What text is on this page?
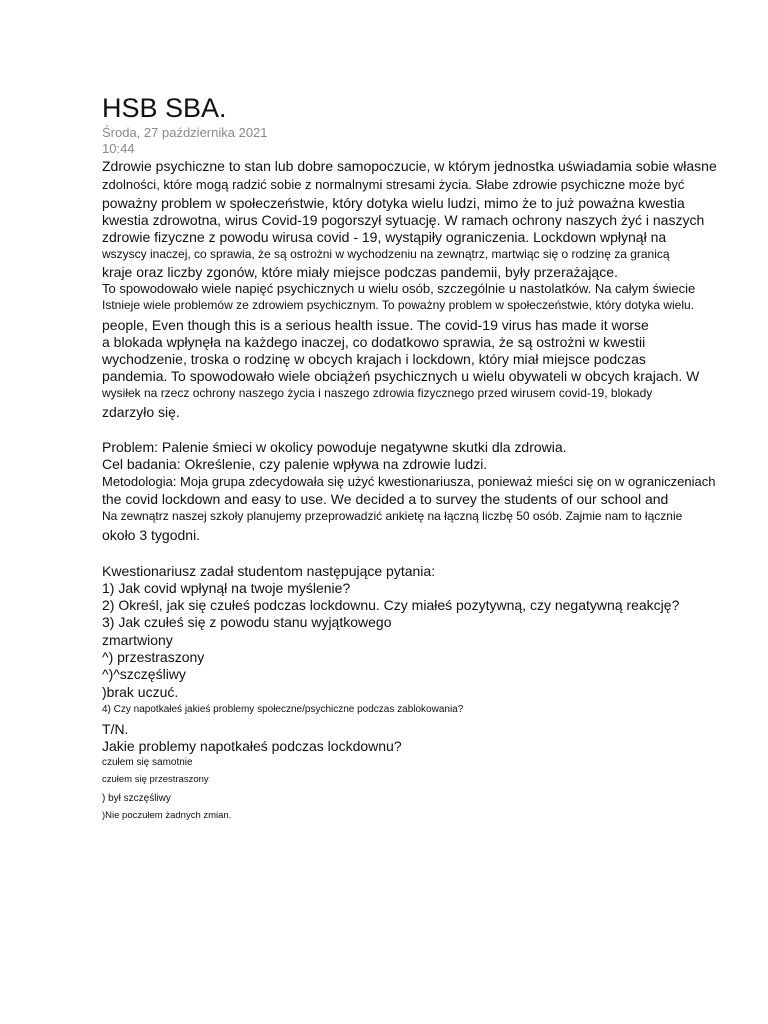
HSB SBA.
Środa, 27 października 2021
10:44
Zdrowie psychiczne to stan lub dobre samopoczucie, w którym jednostka uświadamia sobie własne
zdolności, które mogą radzić sobie z normalnymi stresami życia. Słabe zdrowie psychiczne może być
poważny problem w społeczeństwie, który dotyka wielu ludzi, mimo że to już poważna kwestia
kwestia zdrowotna, wirus Covid-19 pogorszył sytuację. W ramach ochrony naszych żyć i naszych
zdrowie fizyczne z powodu wirusa covid - 19, wystąpiły ograniczenia. Lockdown wpłynął na
wszyscy inaczej, co sprawia, że są ostrożni w wychodzeniu na zewnątrz, martwiąc się o rodzinę za granicą
kraje oraz liczby zgonów, które miały miejsce podczas pandemii, były przerażające.
To spowodowało wiele napięć psychicznych u wielu osób, szczególnie u nastolatków. Na całym świecie
Istnieje wiele problemów ze zdrowiem psychicznym. To poważny problem w społeczeństwie, który dotyka wielu.
people, Even though this is a serious health issue. The covid-19 virus has made it worse
a blokada wpłynęła na każdego inaczej, co dodatkowo sprawia, że są ostrożni w kwestii
wychodzenie, troska o rodzinę w obcych krajach i lockdown, który miał miejsce podczas
pandemia. To spowodowało wiele obciążeń psychicznych u wielu obywateli w obcych krajach. W
wysiłek na rzecz ochrony naszego życia i naszego zdrowia fizycznego przed wirusem covid-19, blokady
zdarzyło się.
Problem: Palenie śmieci w okolicy powoduje negatywne skutki dla zdrowia.
Cel badania: Określenie, czy palenie wpływa na zdrowie ludzi.
Metodologia: Moja grupa zdecydowała się użyć kwestionariusza, ponieważ mieści się on w ograniczeniach
the covid lockdown and easy to use. We decided a to survey the students of our school and
Na zewnątrz naszej szkoły planujemy przeprowadzić ankietę na łączną liczbę 50 osób. Zajmie nam to łącznie
około 3 tygodni.
Kwestionariusz zadał studentom następujące pytania:
1) Jak covid wpłynął na twoje myślenie?
2) Określ, jak się czułeś podczas lockdownu. Czy miałeś pozytywną, czy negatywną reakcję?
3) Jak czułeś się z powodu stanu wyjątkowego
zmartwiony
^) przestraszony
^)^szczęśliwy
)brak uczuć.
4) Czy napotkałeś jakieś problemy społeczne/psychiczne podczas zablokowania?
T/N.
Jakie problemy napotkałeś podczas lockdownu?
czułem się samotnie
czułem się przestraszony
) był szczęśliwy
)Nie poczułem żadnych zmian.
